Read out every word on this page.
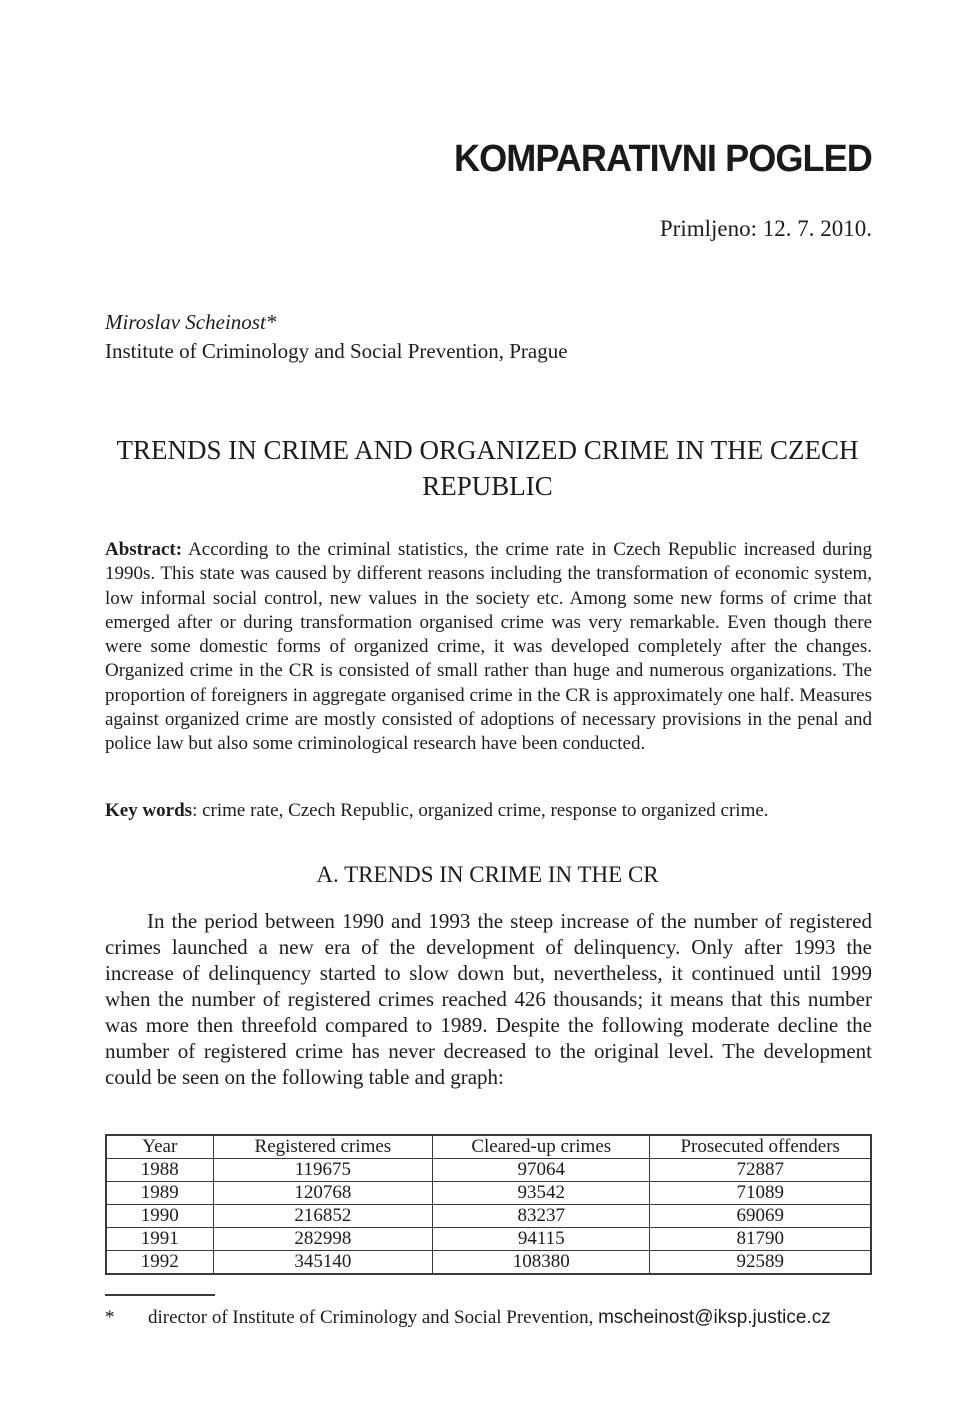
KOMPARATIVNI POGLED
Primljeno: 12. 7. 2010.
Miroslav Scheinost*
Institute of Criminology and Social Prevention, Prague
TRENDS IN CRIME AND ORGANIZED CRIME IN THE CZECH REPUBLIC

Abstract: According to the criminal statistics, the crime rate in Czech Republic increased during 1990s. This state was caused by different reasons including the transformation of economic system, low informal social control, new values in the society etc. Among some new forms of crime that emerged after or during transformation organised crime was very remarkable. Even though there were some domestic forms of organized crime, it was developed completely after the changes. Organized crime in the CR is consisted of small rather than huge and numerous organizations. The proportion of foreigners in aggregate organised crime in the CR is approximately one half. Measures against organized crime are mostly consisted of adoptions of necessary provisions in the penal and police law but also some criminological research have been conducted.

Key words: crime rate, Czech Republic, organized crime, response to organized crime.

A. TRENDS IN CRIME IN THE CR

In the period between 1990 and 1993 the steep increase of the number of registered crimes launched a new era of the development of delinquency. Only after 1993 the increase of delinquency started to slow down but, nevertheless, it continued until 1999 when the number of registered crimes reached 426 thousands; it means that this number was more then threefold compared to 1989. Despite the following moderate decline the number of registered crime has never decreased to the original level. The development could be seen on the following table and graph:

Year	Registered crimes	Cleared-up crimes	Prosecuted offenders
1988	119675	97064	72887
1989	120768	93542	71089
1990	216852	83237	69069
1991	282998	94115	81790
1992	345140	108380	92589
*	director of Institute of Criminology and Social Prevention, mscheinost@iksp.justice.cz
